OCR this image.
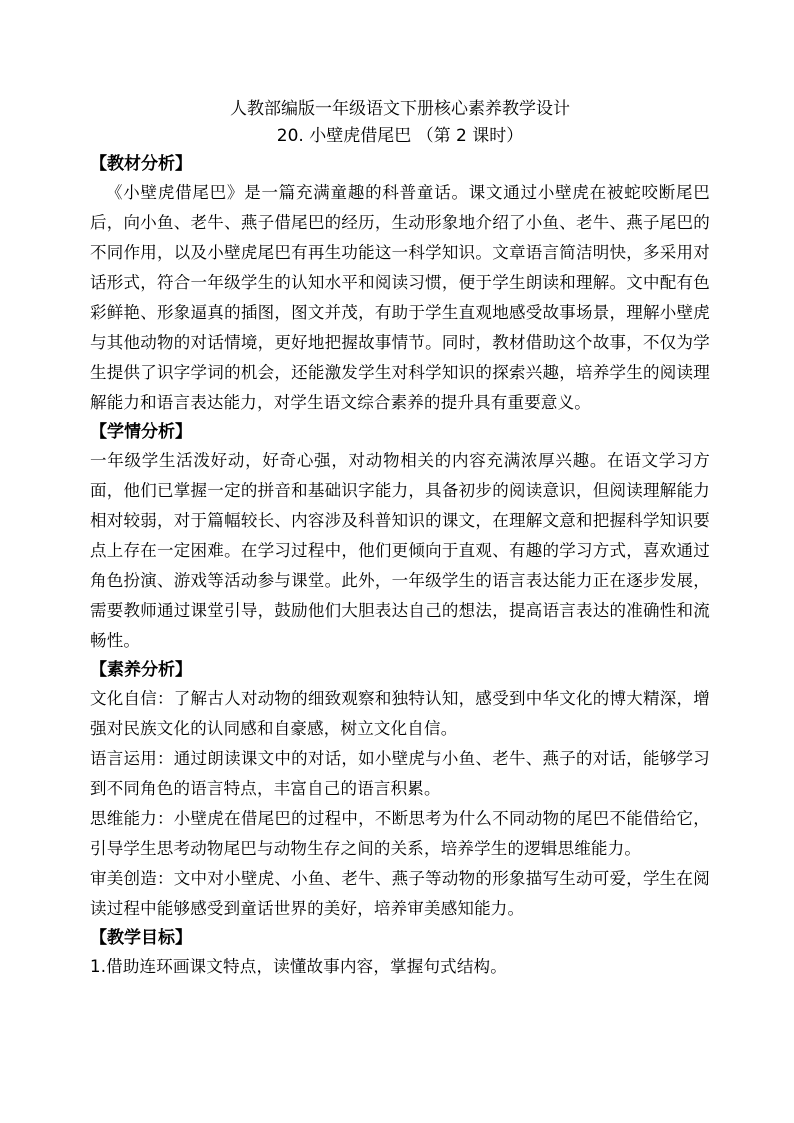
人教部编版一年级语文下册核心素养教学设计

20. 小壁虎借尾巴 （第 2 课时）

【教材分析】

《小壁虎借尾巴》是一篇充满童趣的科普童话。课文通过小壁虎在被蛇咬断尾巴后，向小鱼、老牛、燕子借尾巴的经历，生动形象地介绍了小鱼、老牛、燕子尾巴的不同作用，以及小壁虎尾巴有再生功能这一科学知识。文章语言简洁明快，多采用对话形式，符合一年级学生的认知水平和阅读习惯，便于学生朗读和理解。文中配有色彩鲜艳、形象逼真的插图，图文并茂，有助于学生直观地感受故事场景，理解小壁虎与其他动物的对话情境，更好地把握故事情节。同时，教材借助这个故事，不仅为学生提供了识字学词的机会，还能激发学生对科学知识的探索兴趣，培养学生的阅读理解能力和语言表达能力，对学生语文综合素养的提升具有重要意义。

【学情分析】

一年级学生活泼好动，好奇心强，对动物相关的内容充满浓厚兴趣。在语文学习方面，他们已掌握一定的拼音和基础识字能力，具备初步的阅读意识，但阅读理解能力相对较弱，对于篇幅较长、内容涉及科普知识的课文，在理解文意和把握科学知识要点上存在一定困难。在学习过程中，他们更倾向于直观、有趣的学习方式，喜欢通过角色扮演、游戏等活动参与课堂。此外，一年级学生的语言表达能力正在逐步发展，需要教师通过课堂引导，鼓励他们大胆表达自己的想法，提高语言表达的准确性和流畅性。

【素养分析】

文化自信：了解古人对动物的细致观察和独特认知，感受到中华文化的博大精深，增强对民族文化的认同感和自豪感，树立文化自信。

语言运用：通过朗读课文中的对话，如小壁虎与小鱼、老牛、燕子的对话，能够学习到不同角色的语言特点，丰富自己的语言积累。

思维能力：小壁虎在借尾巴的过程中，不断思考为什么不同动物的尾巴不能借给它，引导学生思考动物尾巴与动物生存之间的关系，培养学生的逻辑思维能力。

审美创造：文中对小壁虎、小鱼、老牛、燕子等动物的形象描写生动可爱，学生在阅读过程中能够感受到童话世界的美好，培养审美感知能力。

【教学目标】

1.借助连环画课文特点，读懂故事内容，掌握句式结构。
